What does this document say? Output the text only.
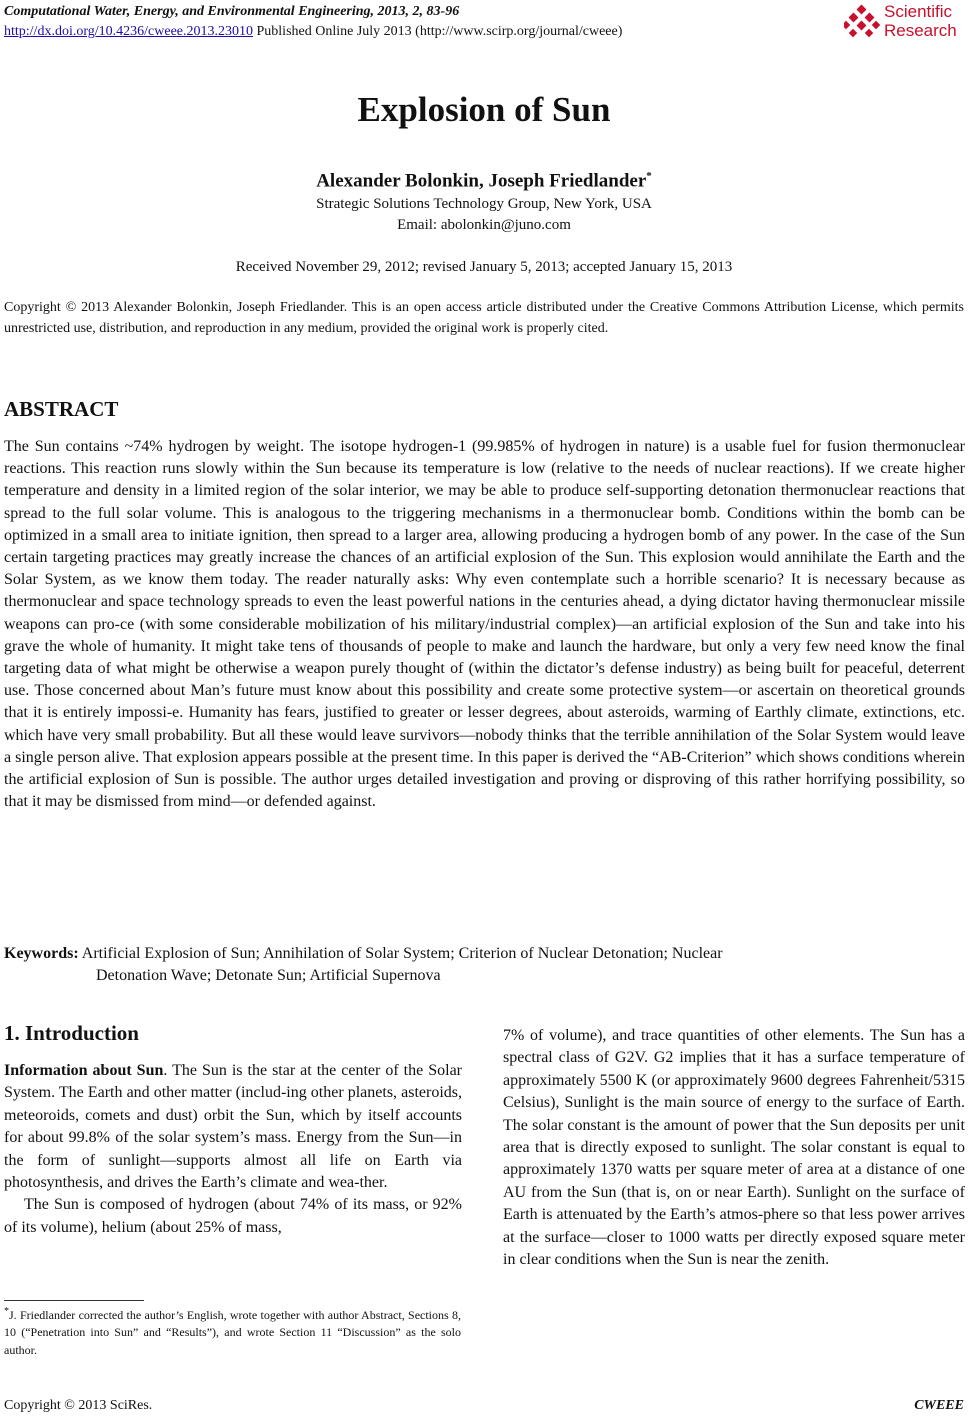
Computational Water, Energy, and Environmental Engineering, 2013, 2, 83-96
http://dx.doi.org/10.4236/cweee.2013.23010 Published Online July 2013 (http://www.scirp.org/journal/cweee)
Scientific
Research
Explosion of Sun
Alexander Bolonkin, Joseph Friedlander*
Strategic Solutions Technology Group, New York, USA
Email: abolonkin@juno.com
Received November 29, 2012; revised January 5, 2013; accepted January 15, 2013
Copyright © 2013 Alexander Bolonkin, Joseph Friedlander. This is an open access article distributed under the Creative Commons Attribution License, which permits unrestricted use, distribution, and reproduction in any medium, provided the original work is properly cited.
ABSTRACT
The Sun contains ~74% hydrogen by weight. The isotope hydrogen-1 (99.985% of hydrogen in nature) is a usable fuel for fusion thermonuclear reactions. This reaction runs slowly within the Sun because its temperature is low (relative to the needs of nuclear reactions). If we create higher temperature and density in a limited region of the solar interior, we may be able to produce self-supporting detonation thermonuclear reactions that spread to the full solar volume. This is analogous to the triggering mechanisms in a thermonuclear bomb. Conditions within the bomb can be optimized in a small area to initiate ignition, then spread to a larger area, allowing producing a hydrogen bomb of any power. In the case of the Sun certain targeting practices may greatly increase the chances of an artificial explosion of the Sun. This explosion would annihilate the Earth and the Solar System, as we know them today. The reader naturally asks: Why even contemplate such a horrible scenario? It is necessary because as thermonuclear and space technology spreads to even the least powerful nations in the centuries ahead, a dying dictator having thermonuclear missile weapons can pro-ce (with some considerable mobilization of his military/industrial complex)—an artificial explosion of the Sun and take into his grave the whole of humanity. It might take tens of thousands of people to make and launch the hardware, but only a very few need know the final targeting data of what might be otherwise a weapon purely thought of (within the dictator’s defense industry) as being built for peaceful, deterrent use. Those concerned about Man’s future must know about this possibility and create some protective system—or ascertain on theoretical grounds that it is entirely impossi-e. Humanity has fears, justified to greater or lesser degrees, about asteroids, warming of Earthly climate, extinctions, etc. which have very small probability. But all these would leave survivors—nobody thinks that the terrible annihilation of the Solar System would leave a single person alive. That explosion appears possible at the present time. In this paper is derived the “AB-Criterion” which shows conditions wherein the artificial explosion of Sun is possible. The author urges detailed investigation and proving or disproving of this rather horrifying possibility, so that it may be dismissed from mind—or defended against.
Keywords: Artificial Explosion of Sun; Annihilation of Solar System; Criterion of Nuclear Detonation; Nuclear
Detonation Wave; Detonate Sun; Artificial Supernova
1. Introduction

Information about Sun. The Sun is the star at the center of the Solar System. The Earth and other matter (includ-ing other planets, asteroids, meteoroids, comets and dust) orbit the Sun, which by itself accounts for about 99.8% of the solar system’s mass. Energy from the Sun—in the form of sunlight—supports almost all life on Earth via photosynthesis, and drives the Earth’s climate and wea-ther.

The Sun is composed of hydrogen (about 74% of its mass, or 92% of its volume), helium (about 25% of mass,

7% of volume), and trace quantities of other elements. The Sun has a spectral class of G2V. G2 implies that it has a surface temperature of approximately 5500 K (or approximately 9600 degrees Fahrenheit/5315 Celsius), Sunlight is the main source of energy to the surface of Earth. The solar constant is the amount of power that the Sun deposits per unit area that is directly exposed to sunlight. The solar constant is equal to approximately 1370 watts per square meter of area at a distance of one AU from the Sun (that is, on or near Earth). Sunlight on the surface of Earth is attenuated by the Earth’s atmos-phere so that less power arrives at the surface—closer to 1000 watts per directly exposed square meter in clear conditions when the Sun is near the zenith.

*J. Friedlander corrected the author’s English, wrote together with author Abstract, Sections 8, 10 (“Penetration into Sun” and “Results”), and wrote Section 11 “Discussion” as the solo author.
Copyright © 2013 SciRes.	CWEEE
